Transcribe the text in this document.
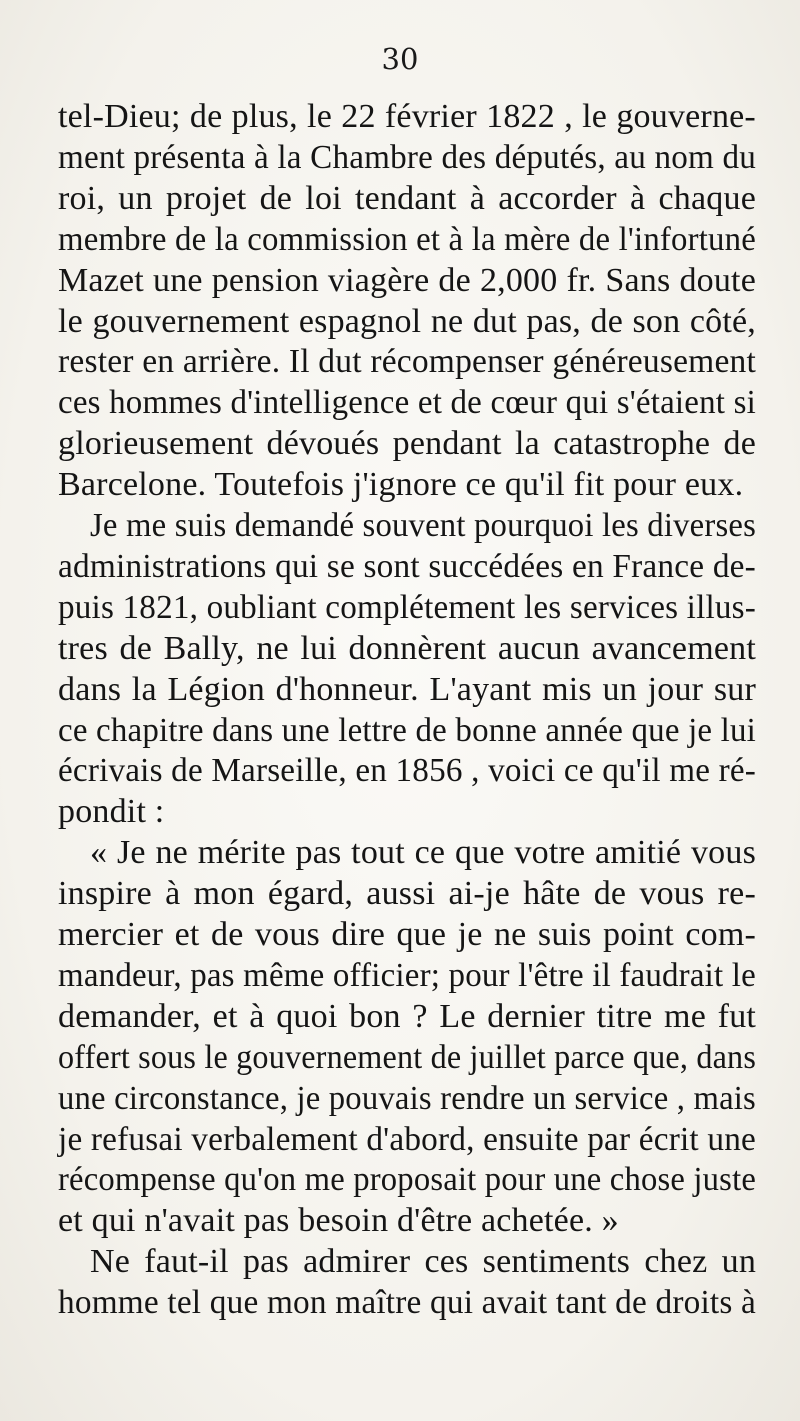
30
tel-Dieu; de plus, le 22 février 1822 , le gouverne-
ment présenta à la Chambre des députés, au nom du
roi, un projet de loi tendant à accorder à chaque
membre de la commission et à la mère de l'infortuné
Mazet une pension viagère de 2,000 fr. Sans doute
le gouvernement espagnol ne dut pas, de son côté,
rester en arrière. Il dut récompenser généreusement
ces hommes d'intelligence et de cœur qui s'étaient si
glorieusement dévoués pendant la catastrophe de
Barcelone. Toutefois j'ignore ce qu'il fit pour eux.
Je me suis demandé souvent pourquoi les diverses
administrations qui se sont succédées en France de-
puis 1821, oubliant complétement les services illus-
tres de Bally, ne lui donnèrent aucun avancement
dans la Légion d'honneur. L'ayant mis un jour sur
ce chapitre dans une lettre de bonne année que je lui
écrivais de Marseille, en 1856 , voici ce qu'il me ré-
pondit :
« Je ne mérite pas tout ce que votre amitié vous
inspire à mon égard, aussi ai-je hâte de vous re-
mercier et de vous dire que je ne suis point com-
mandeur, pas même officier; pour l'être il faudrait le
demander, et à quoi bon ? Le dernier titre me fut
offert sous le gouvernement de juillet parce que, dans
une circonstance, je pouvais rendre un service , mais
je refusai verbalement d'abord, ensuite par écrit une
récompense qu'on me proposait pour une chose juste
et qui n'avait pas besoin d'être achetée. »
Ne faut-il pas admirer ces sentiments chez un
homme tel que mon maître qui avait tant de droits à
